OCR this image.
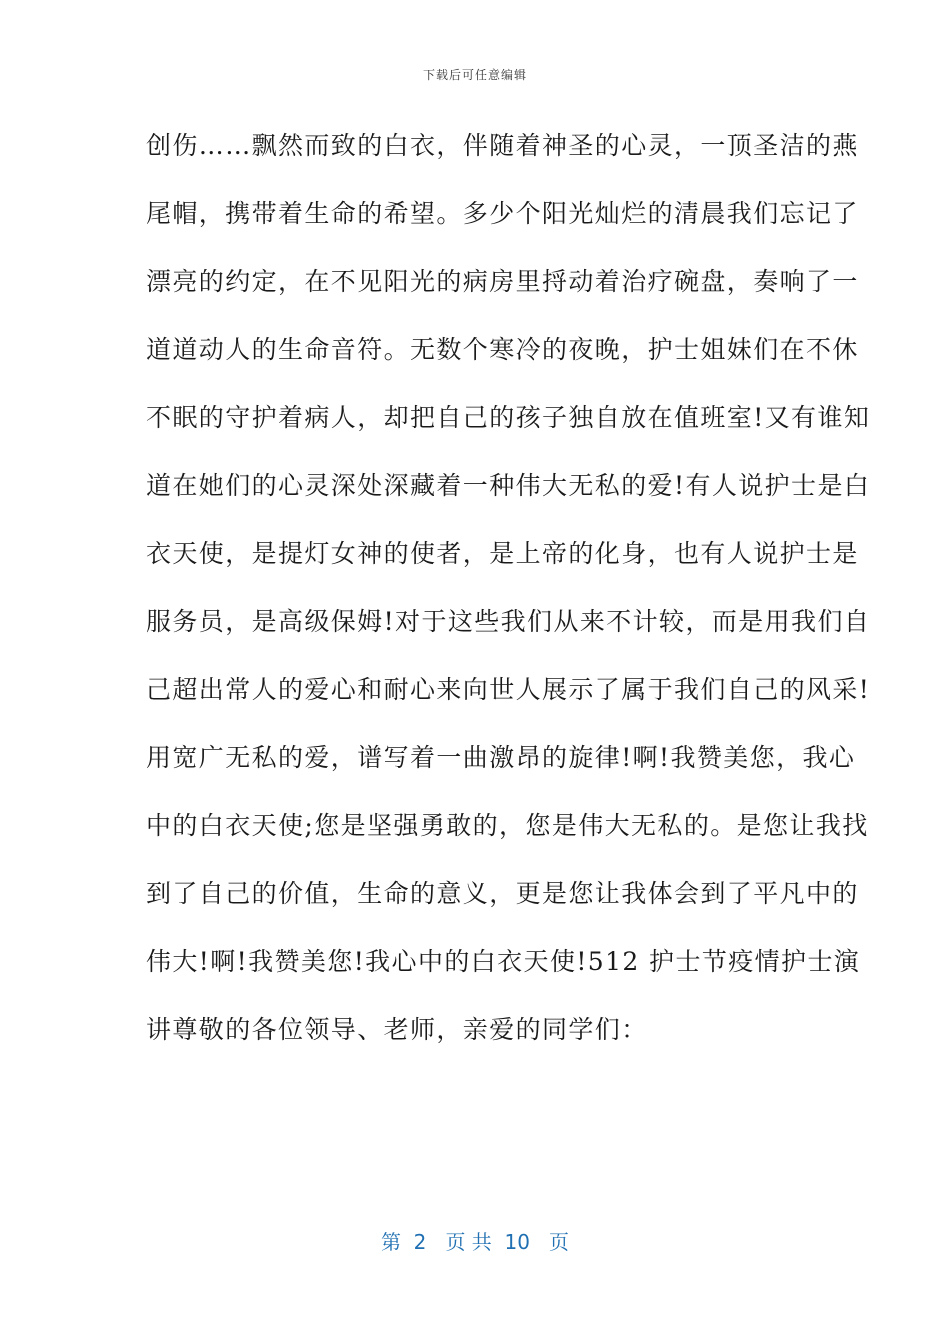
下载后可任意编辑
创伤……飘然而致的白衣，伴随着神圣的心灵，一顶圣洁的燕
尾帽，携带着生命的希望。多少个阳光灿烂的清晨我们忘记了
漂亮的约定，在不见阳光的病房里捋动着治疗碗盘，奏响了一
道道动人的生命音符。无数个寒冷的夜晚，护士姐妹们在不休
不眠的守护着病人，却把自己的孩子独自放在值班室!又有谁知
道在她们的心灵深处深藏着一种伟大无私的爱!有人说护士是白
衣天使，是提灯女神的使者，是上帝的化身，也有人说护士是
服务员，是高级保姆!对于这些我们从来不计较，而是用我们自
己超出常人的爱心和耐心来向世人展示了属于我们自己的风采!
用宽广无私的爱，谱写着一曲激昂的旋律!啊!我赞美您，我心
中的白衣天使;您是坚强勇敢的，您是伟大无私的。是您让我找
到了自己的价值，生命的意义，更是您让我体会到了平凡中的
伟大!啊!我赞美您!我心中的白衣天使!512 护士节疫情护士演
讲尊敬的各位领导、老师，亲爱的同学们：
第  2   页 共  10   页
